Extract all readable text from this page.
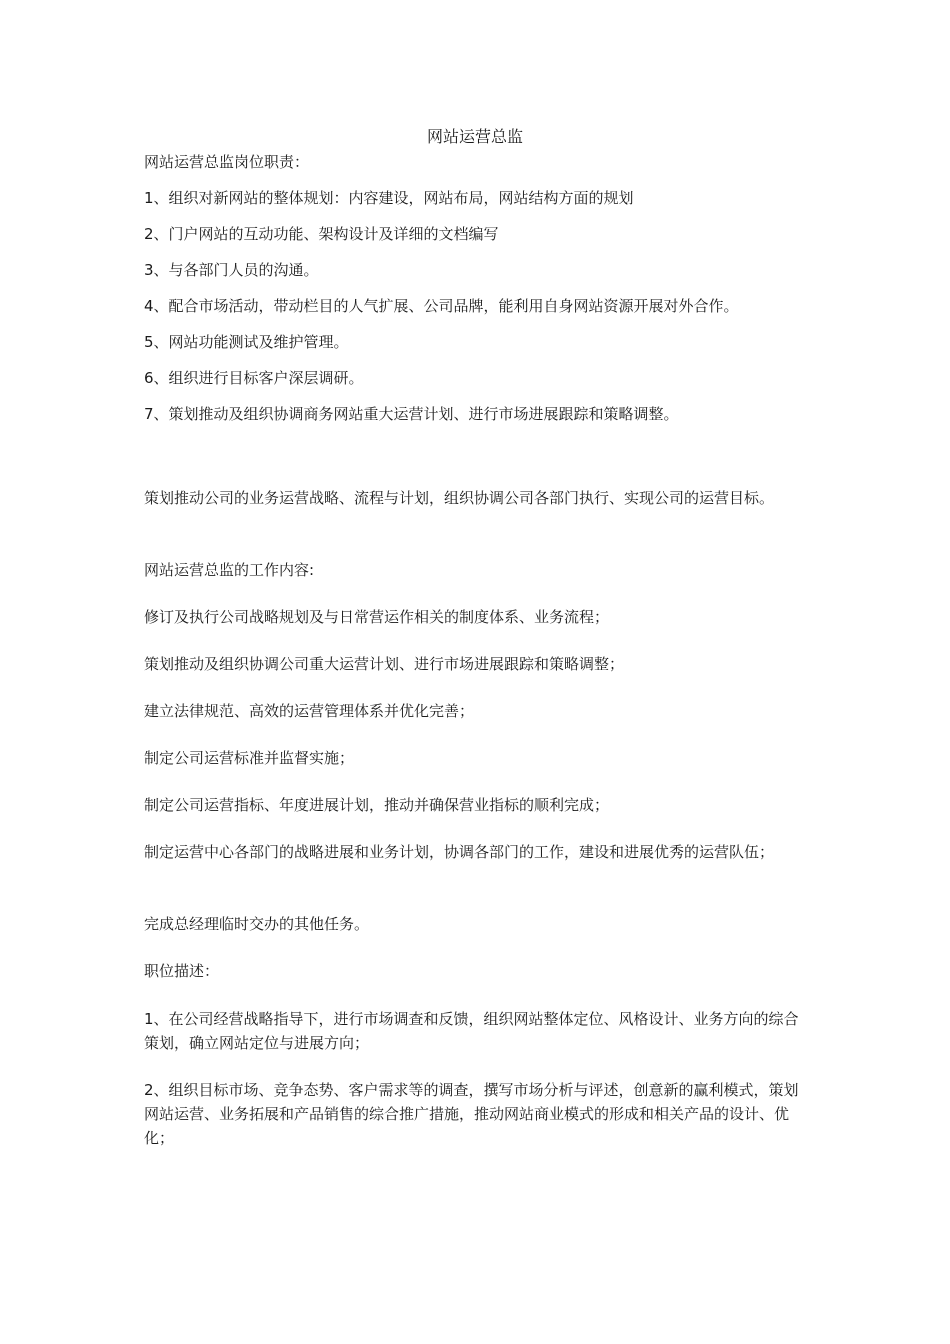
网站运营总监

网站运营总监岗位职责：

1、组织对新网站的整体规划：内容建设，网站布局，网站结构方面的规划

2、门户网站的互动功能、架构设计及详细的文档编写

3、与各部门人员的沟通。

4、配合市场活动，带动栏目的人气扩展、公司品牌，能利用自身网站资源开展对外合作。

5、网站功能测试及维护管理。

6、组织进行目标客户深层调研。

7、策划推动及组织协调商务网站重大运营计划、进行市场进展跟踪和策略调整。

策划推动公司的业务运营战略、流程与计划，组织协调公司各部门执行、实现公司的运营目标。

网站运营总监的工作内容:

修订及执行公司战略规划及与日常营运作相关的制度体系、业务流程；

策划推动及组织协调公司重大运营计划、进行市场进展跟踪和策略调整；

建立法律规范、高效的运营管理体系并优化完善；

制定公司运营标准并监督实施；

制定公司运营指标、年度进展计划，推动并确保营业指标的顺利完成；

制定运营中心各部门的战略进展和业务计划，协调各部门的工作，建设和进展优秀的运营队伍；

完成总经理临时交办的其他任务。

职位描述：

1、在公司经营战略指导下，进行市场调查和反馈，组织网站整体定位、风格设计、业务方向的综合策划，确立网站定位与进展方向；

2、组织目标市场、竞争态势、客户需求等的调查，撰写市场分析与评述，创意新的赢利模式，策划网站运营、业务拓展和产品销售的综合推广措施，推动网站商业模式的形成和相关产品的设计、优化；
